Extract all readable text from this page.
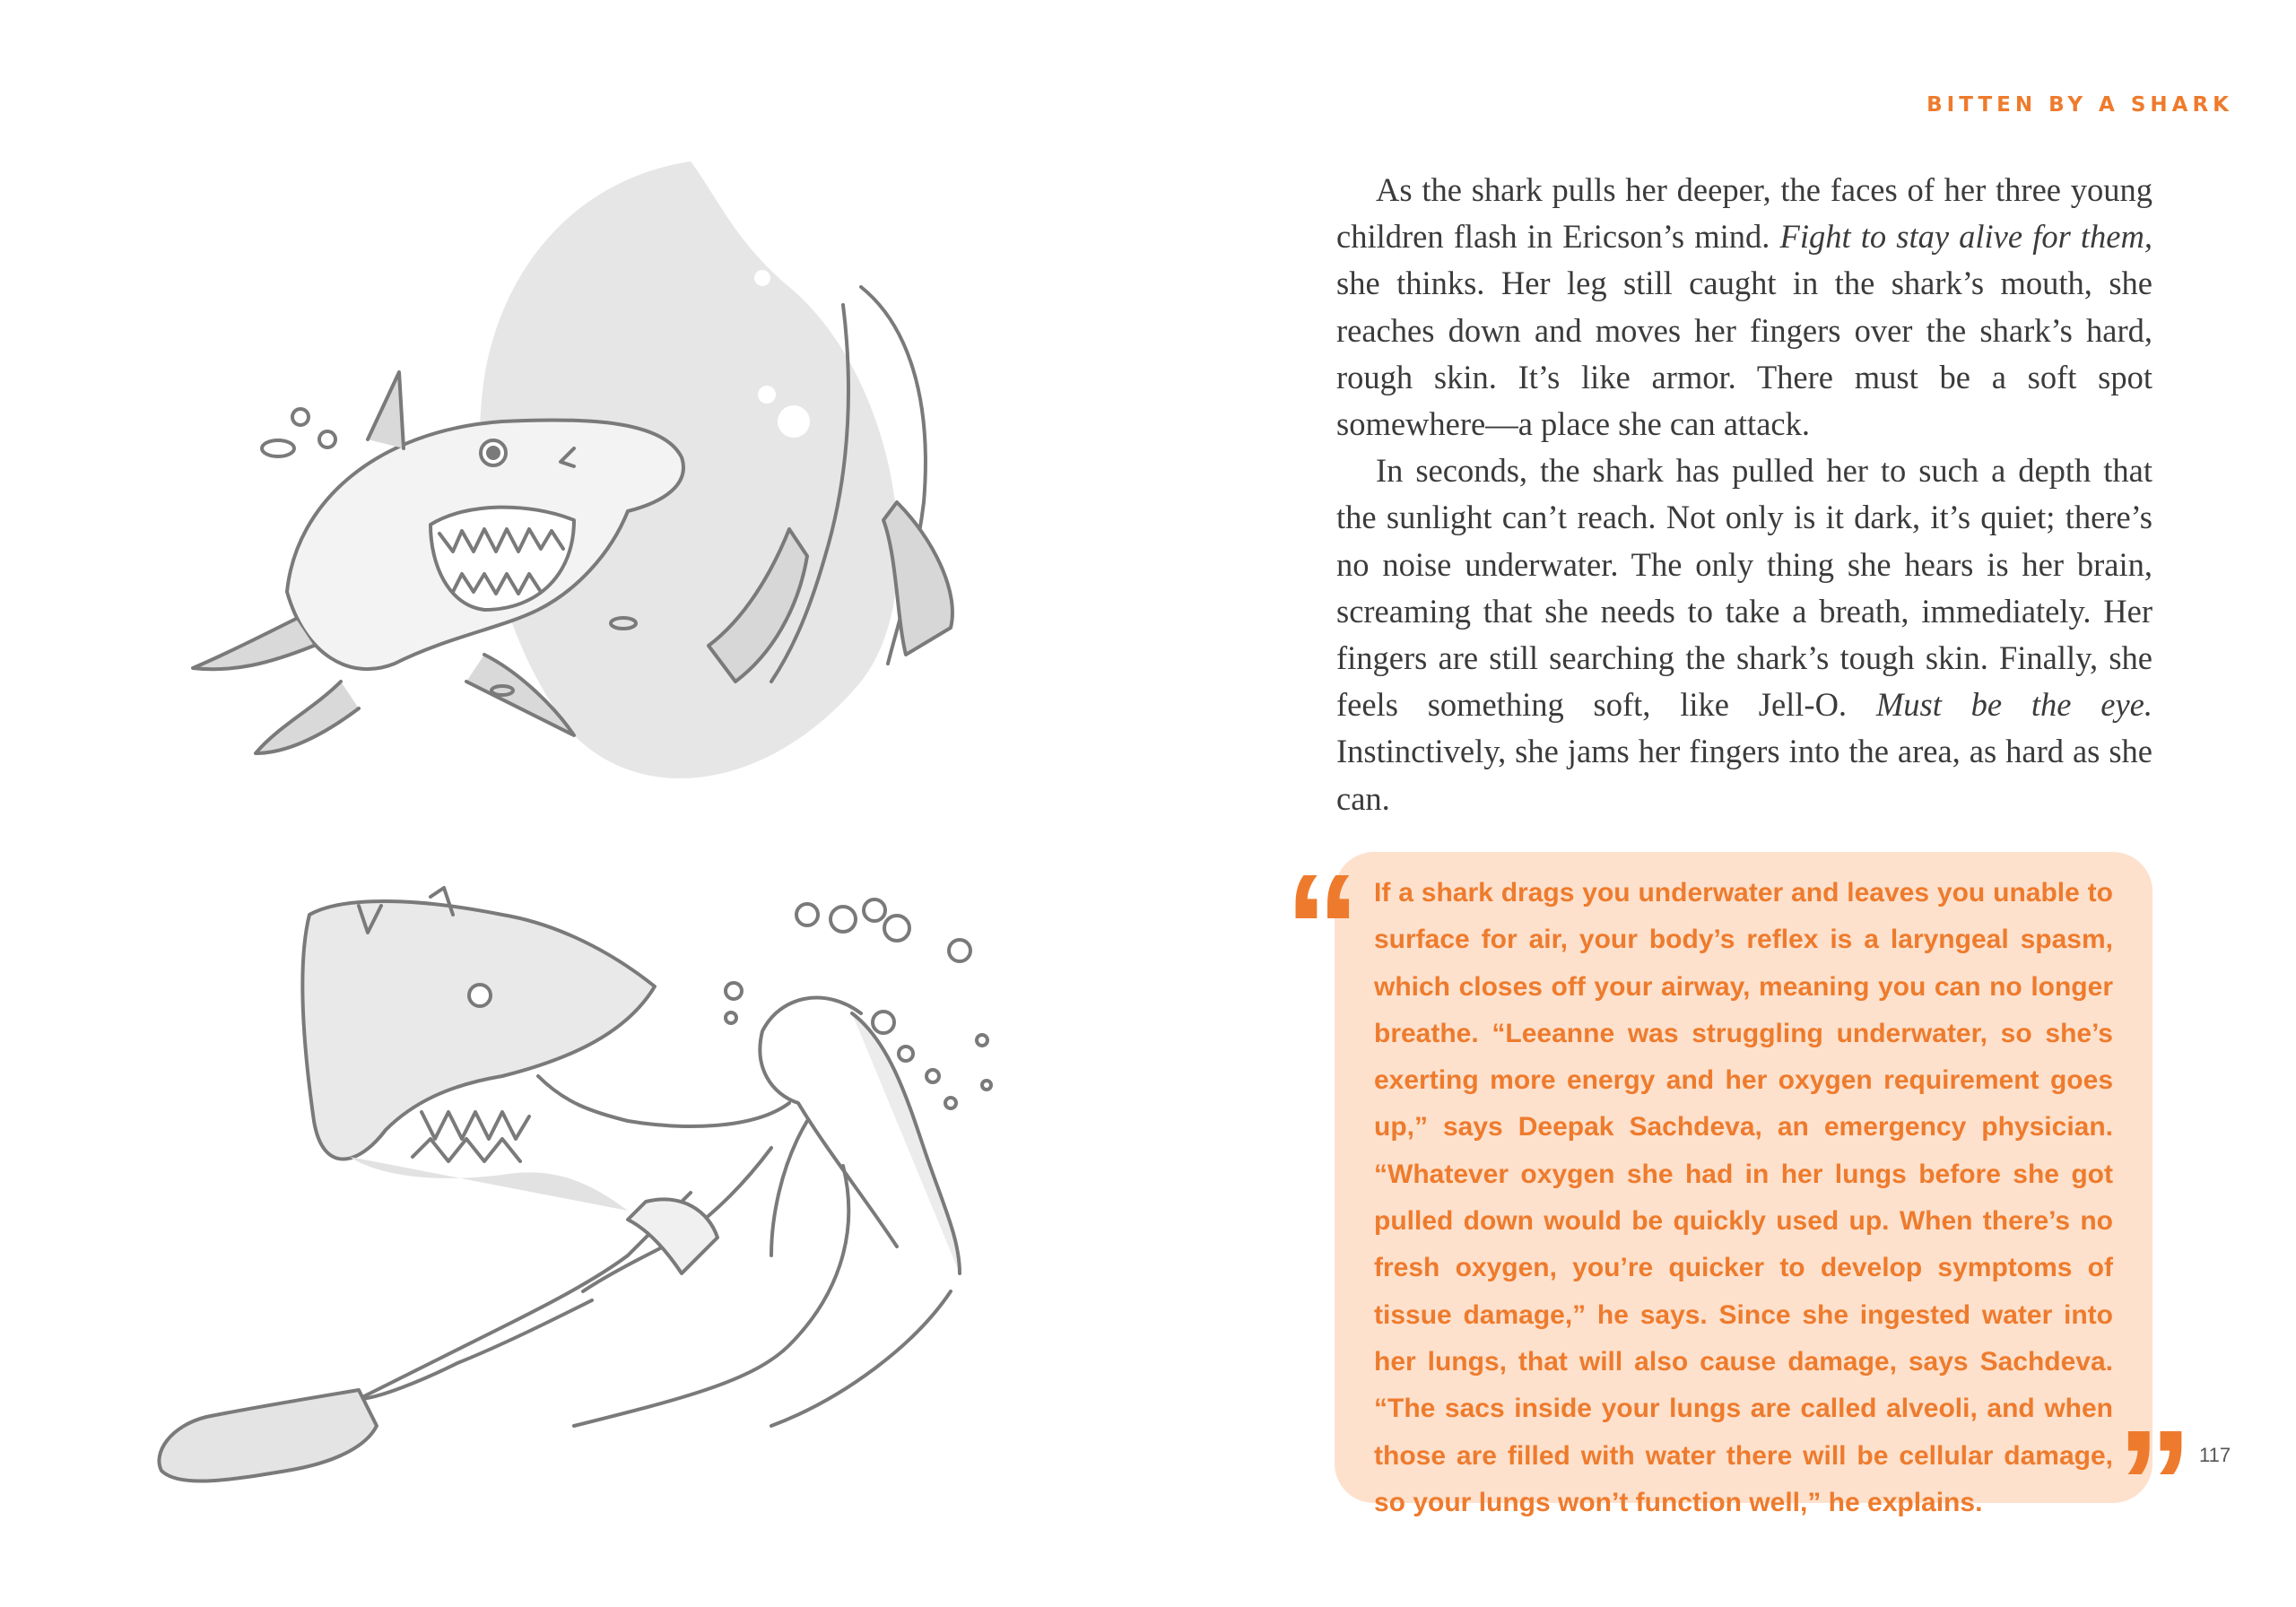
BITTEN BY A SHARK

As the shark pulls her deeper, the faces of her three young children flash in Ericson’s mind. Fight to stay alive for them, she thinks. Her leg still caught in the shark’s mouth, she reaches down and moves her fingers over the shark’s hard, rough skin. It’s like armor. There must be a soft spot somewhere—a place she can attack.

In seconds, the shark has pulled her to such a depth that the sunlight can’t reach. Not only is it dark, it’s quiet; there’s no noise underwater. The only thing she hears is her brain, screaming that she needs to take a breath, immediately. Her fingers are still searching the shark’s tough skin. Finally, she feels something soft, like Jell-O. Must be the eye. Instinctively, she jams her fingers into the area, as hard as she can.

“ If a shark drags you underwater and leaves you unable to surface for air, your body’s reflex is a laryngeal spasm, which closes off your airway, meaning you can no longer breathe. “Leeanne was struggling underwater, so she’s exerting more energy and her oxygen requirement goes up,” says Deepak Sachdeva, an emergency physician. “Whatever oxygen she had in her lungs before she got pulled down would be quickly used up. When there’s no fresh oxygen, you’re quicker to develop symptoms of tissue damage,” he says. Since she ingested water into her lungs, that will also cause damage, says Sachdeva. “The sacs inside your lungs are called alveoli, and when those are filled with water there will be cellular damage, so your lungs won’t function well,” he explains. ” 117
